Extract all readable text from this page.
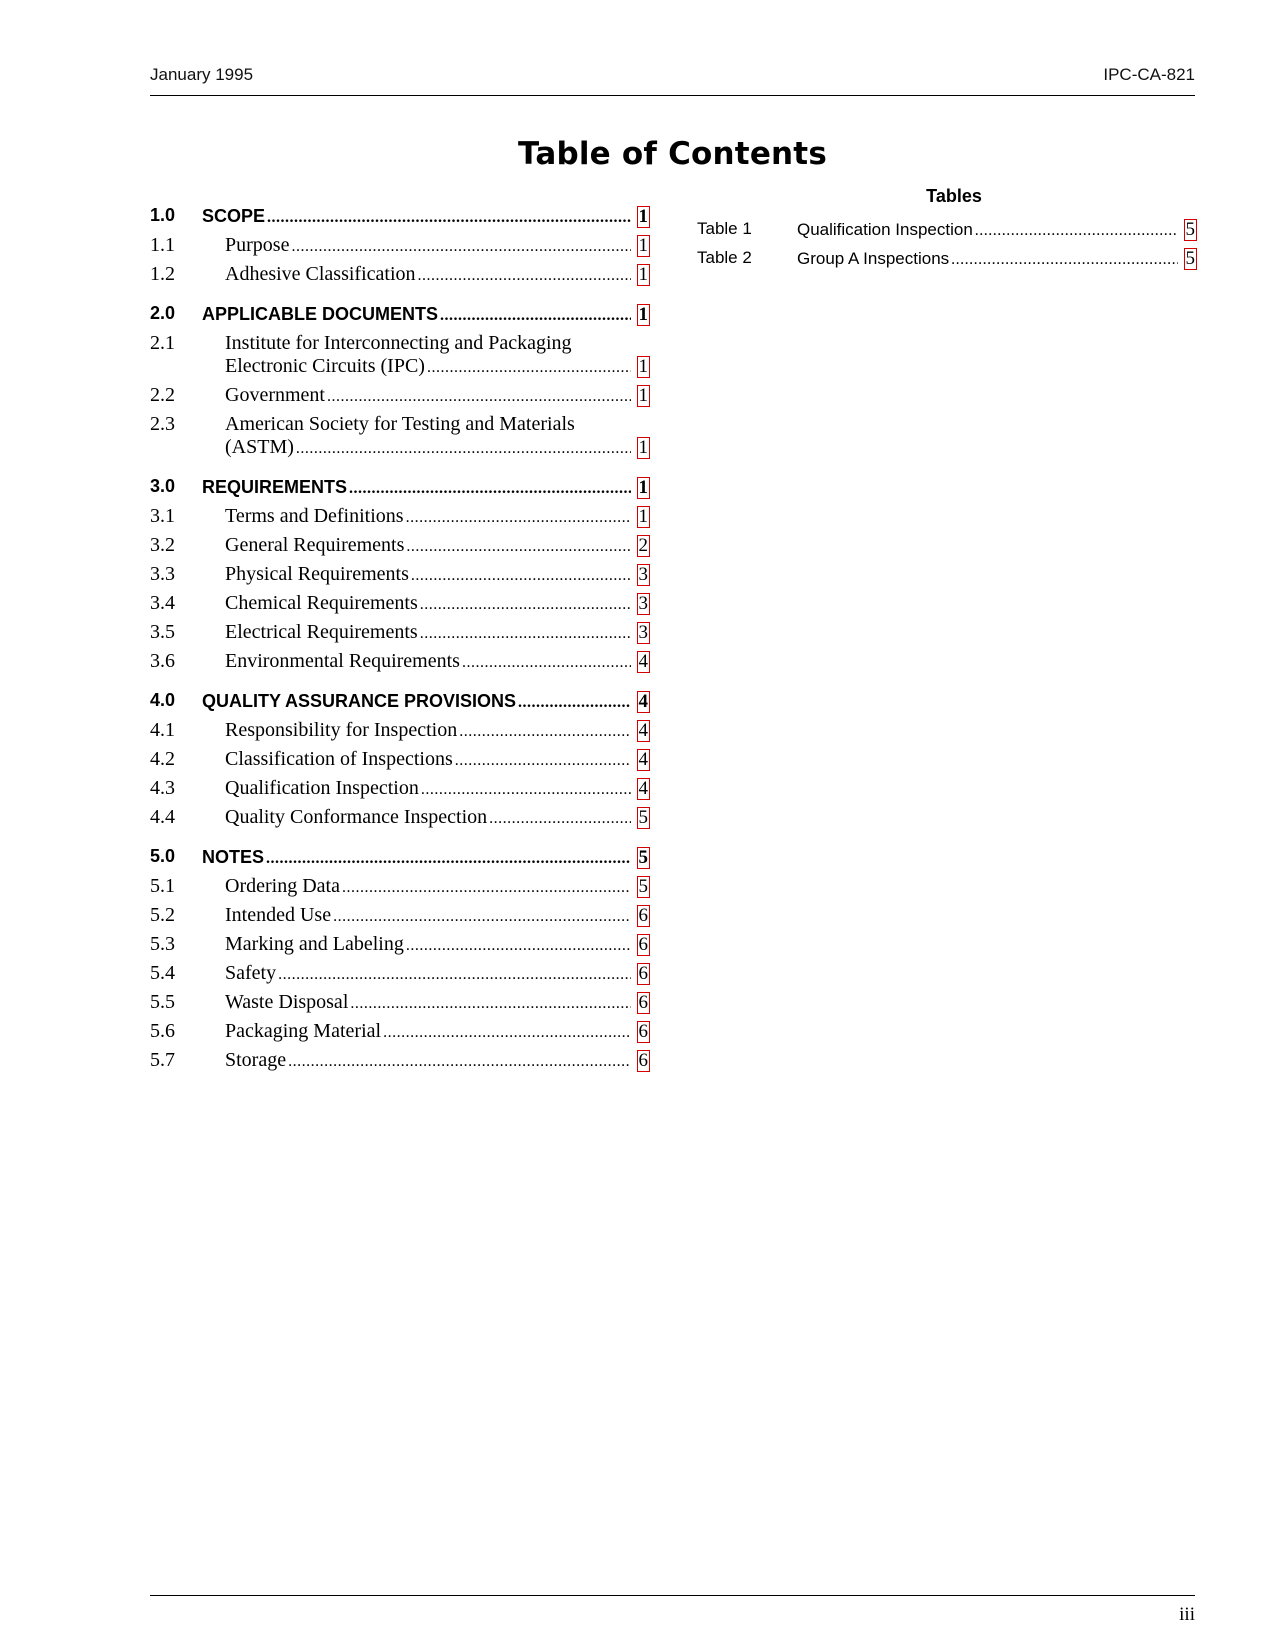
January 1995	IPC-CA-821
Table of Contents
1.0 SCOPE .....	1
1.1	Purpose .....	1
1.2	Adhesive Classification .....	1
2.0 APPLICABLE DOCUMENTS .....	1
2.1	Institute for Interconnecting and Packaging
Electronic Circuits (IPC) .....	1
2.2	Government .....	1
2.3	American Society for Testing and Materials
(ASTM) .....	1
3.0 REQUIREMENTS .....	1
3.1	Terms and Definitions .....	1
3.2	General Requirements .....	2
3.3	Physical Requirements .....	3
3.4	Chemical Requirements .....	3
3.5	Electrical Requirements .....	3
3.6	Environmental Requirements .....	4
4.0 QUALITY ASSURANCE PROVISIONS .....	4
4.1	Responsibility for Inspection .....	4
4.2	Classification of Inspections .....	4
4.3	Qualification Inspection .....	4
4.4	Quality Conformance Inspection .....	5
5.0 NOTES .....	5
5.1	Ordering Data .....	5
5.2	Intended Use .....	6
5.3	Marking and Labeling .....	6
5.4	Safety .....	6
5.5	Waste Disposal .....	6
5.6	Packaging Material .....	6
5.7	Storage .....	6
Tables
Table 1	Qualification Inspection .....	5
Table 2	Group A Inspections .....	5
iii
